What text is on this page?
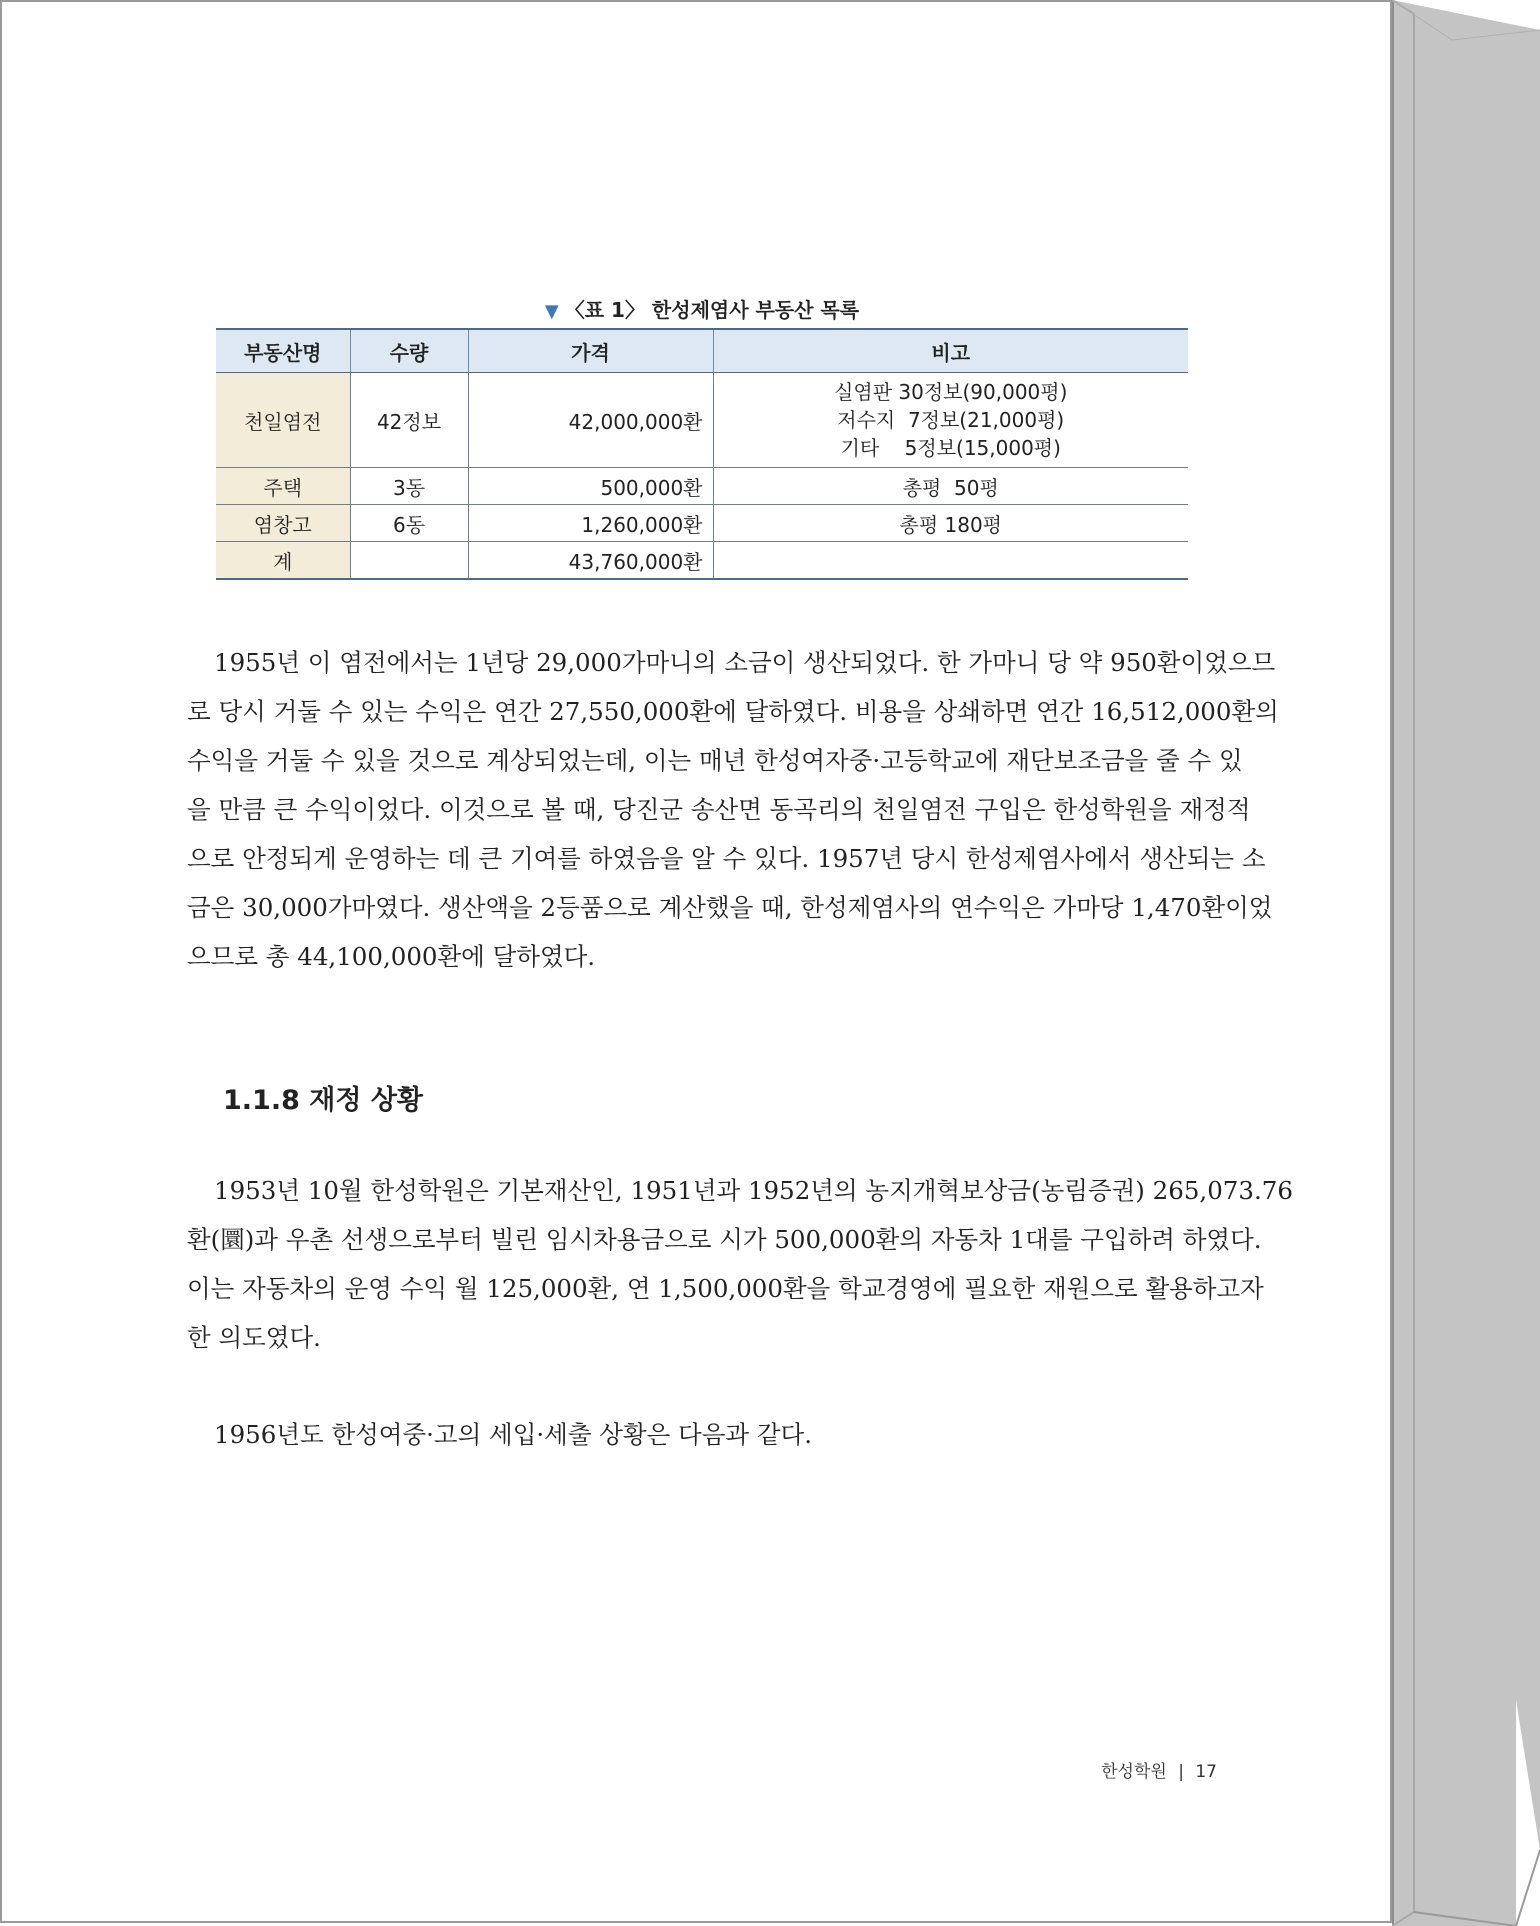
▼ 〈표 1〉 한성제염사 부동산 목록
부동산명	수량	가격	비고
천일염전	42정보	42,000,000환	실염판 30정보(90,000평)
저수지  7정보(21,000평)
기타    5정보(15,000평)

주택	3동	500,000환	총평  50평
염창고	6동	1,260,000환	총평 180평
계		43,760,000환	

1955년 이 염전에서는 1년당 29,000가마니의 소금이 생산되었다. 한 가마니 당 약 950환이었으므
로 당시 거둘 수 있는 수익은 연간 27,550,000환에 달하였다. 비용을 상쇄하면 연간 16,512,000환의
수익을 거둘 수 있을 것으로 계상되었는데, 이는 매년 한성여자중·고등학교에 재단보조금을 줄 수 있
을 만큼 큰 수익이었다. 이것으로 볼 때, 당진군 송산면 동곡리의 천일염전 구입은 한성학원을 재정적
으로 안정되게 운영하는 데 큰 기여를 하였음을 알 수 있다. 1957년 당시 한성제염사에서 생산되는 소
금은 30,000가마였다. 생산액을 2등품으로 계산했을 때, 한성제염사의 연수익은 가마당 1,470환이었
으므로 총 44,100,000환에 달하였다.

1.1.8 재정 상황

1953년 10월 한성학원은 기본재산인, 1951년과 1952년의 농지개혁보상금(농림증권) 265,073.76
환(圜)과 우촌 선생으로부터 빌린 임시차용금으로 시가 500,000환의 자동차 1대를 구입하려 하였다.
이는 자동차의 운영 수익 월 125,000환, 연 1,500,000환을 학교경영에 필요한 재원으로 활용하고자
한 의도였다.

1956년도 한성여중·고의 세입·세출 상황은 다음과 같다.

한성학원 | 17
